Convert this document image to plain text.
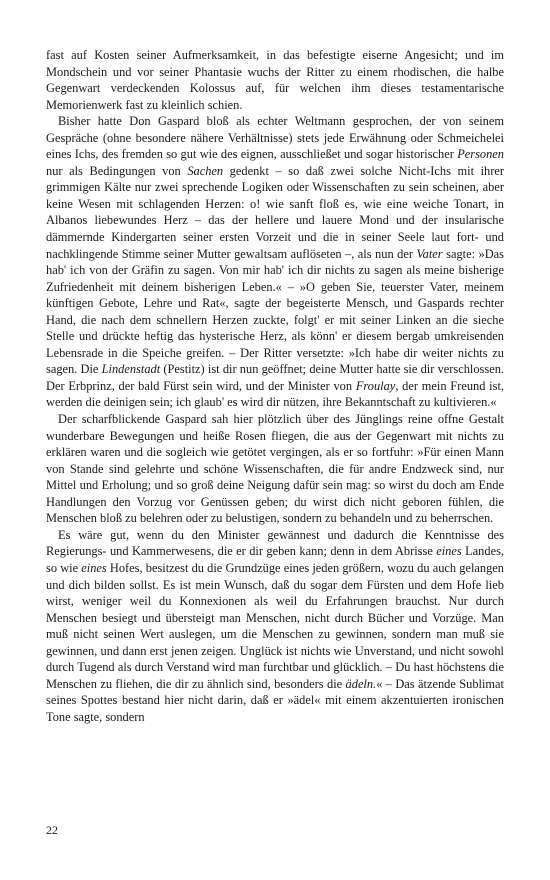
fast auf Kosten seiner Aufmerksamkeit, in das befestigte eiserne Angesicht; und im Mondschein und vor seiner Phantasie wuchs der Ritter zu einem rhodischen, die halbe Gegenwart verdeckenden Kolossus auf, für welchen ihm dieses testamentarische Memorienwerk fast zu kleinlich schien.

Bisher hatte Don Gaspard bloß als echter Weltmann gesprochen, der von seinem Gespräche (ohne besondere nähere Verhältnisse) stets jede Erwähnung oder Schmeichelei eines Ichs, des fremden so gut wie des eignen, ausschließet und sogar historischer Personen nur als Bedingungen von Sachen gedenkt – so daß zwei solche Nicht-Ichs mit ihrer grimmigen Kälte nur zwei sprechende Logiken oder Wissenschaften zu sein scheinen, aber keine Wesen mit schlagenden Herzen: o! wie sanft floß es, wie eine weiche Tonart, in Albanos liebewundes Herz – das der hellere und lauere Mond und der insularische dämmernde Kindergarten seiner ersten Vorzeit und die in seiner Seele laut fort- und nachklingende Stimme seiner Mutter gewaltsam auflöseten –, als nun der Vater sagte: »Das hab' ich von der Gräfin zu sagen. Von mir hab' ich dir nichts zu sagen als meine bisherige Zufriedenheit mit deinem bisherigen Leben.« – »O geben Sie, teuerster Vater, meinem künftigen Gebote, Lehre und Rat«, sagte der begeisterte Mensch, und Gaspards rechter Hand, die nach dem schnellern Herzen zuckte, folgt' er mit seiner Linken an die sieche Stelle und drückte heftig das hysterische Herz, als könn' er diesem bergab umkreisenden Lebensrade in die Speiche greifen. – Der Ritter versetzte: »Ich habe dir weiter nichts zu sagen. Die Lindenstadt (Pestitz) ist dir nun geöffnet; deine Mutter hatte sie dir verschlossen. Der Erbprinz, der bald Fürst sein wird, und der Minister von Froulay, der mein Freund ist, werden die deinigen sein; ich glaub' es wird dir nützen, ihre Bekanntschaft zu kultivieren.«

Der scharfblickende Gaspard sah hier plötzlich über des Jünglings reine offne Gestalt wunderbare Bewegungen und heiße Rosen fliegen, die aus der Gegenwart mit nichts zu erklären waren und die sogleich wie getötet vergingen, als er so fortfuhr: »Für einen Mann von Stande sind gelehrte und schöne Wissenschaften, die für andre Endzweck sind, nur Mittel und Erholung; und so groß deine Neigung dafür sein mag: so wirst du doch am Ende Handlungen den Vorzug vor Genüssen geben; du wirst dich nicht geboren fühlen, die Menschen bloß zu belehren oder zu belustigen, sondern zu behandeln und zu beherrschen.

Es wäre gut, wenn du den Minister gewännest und dadurch die Kenntnisse des Regierungs- und Kammerwesens, die er dir geben kann; denn in dem Abrisse eines Landes, so wie eines Hofes, besitzest du die Grundzüge eines jeden größern, wozu du auch gelangen und dich bilden sollst. Es ist mein Wunsch, daß du sogar dem Fürsten und dem Hofe lieb wirst, weniger weil du Konnexionen als weil du Erfahrungen brauchst. Nur durch Menschen besiegt und übersteigt man Menschen, nicht durch Bücher und Vorzüge. Man muß nicht seinen Wert auslegen, um die Menschen zu gewinnen, sondern man muß sie gewinnen, und dann erst jenen zeigen. Unglück ist nichts wie Unverstand, und nicht sowohl durch Tugend als durch Verstand wird man furchtbar und glücklich. – Du hast höchstens die Menschen zu fliehen, die dir zu ähnlich sind, besonders die ädeln.« – Das ätzende Sublimat seines Spottes bestand hier nicht darin, daß er »ädel« mit einem akzentuierten ironischen Tone sagte, sondern

22
